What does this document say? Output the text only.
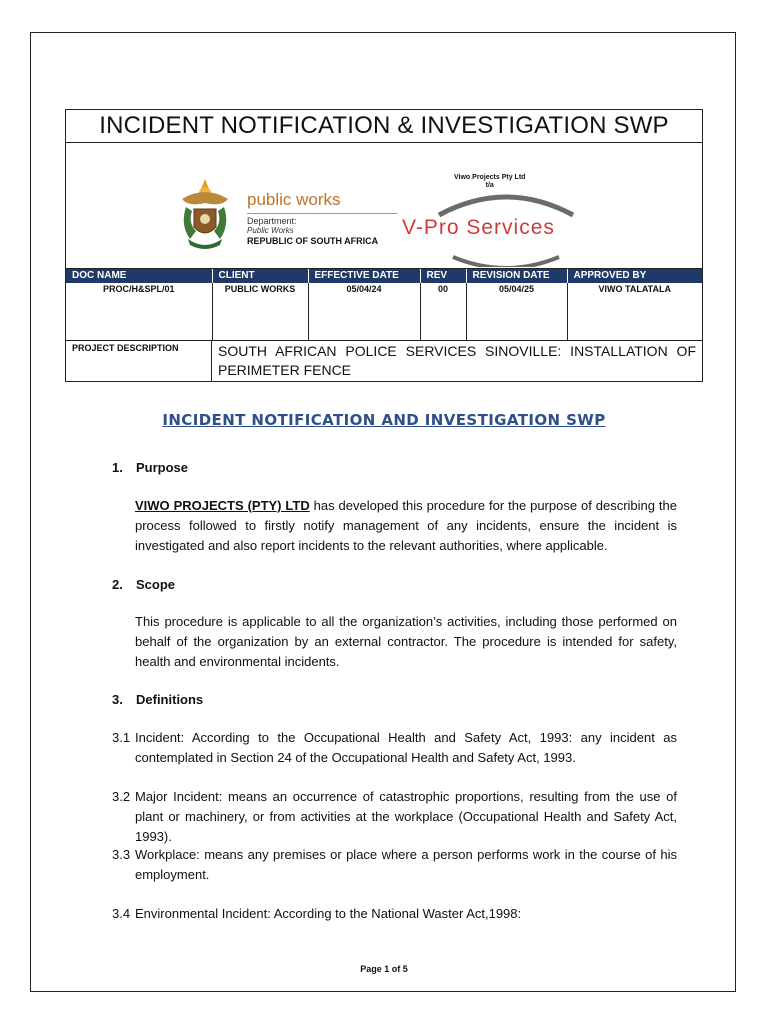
INCIDENT NOTIFICATION & INVESTIGATION SWP
public works
Department:
Public Works
REPUBLIC OF SOUTH AFRICA
Viwo Projects Pty Ltd
t/a
V-Pro Services
DOC NAME	CLIENT	EFFECTIVE DATE	REV	REVISION DATE	APPROVED BY
PROC/H&SPL/01	PUBLIC WORKS	05/04/24	00	05/04/25	VIWO TALATALA
PROJECT DESCRIPTION	SOUTH AFRICAN POLICE SERVICES SINOVILLE: INSTALLATION OF PERIMETER FENCE
INCIDENT NOTIFICATION AND INVESTIGATION SWP
1. Purpose
VIWO PROJECTS (PTY) LTD has developed this procedure for the purpose of describing the process followed to firstly notify management of any incidents, ensure the incident is investigated and also report incidents to the relevant authorities, where applicable.
2. Scope
This procedure is applicable to all the organization’s activities, including those performed on behalf of the organization by an external contractor. The procedure is intended for safety, health and environmental incidents.
3. Definitions
3.1 Incident: According to the Occupational Health and Safety Act, 1993: any incident as contemplated in Section 24 of the Occupational Health and Safety Act, 1993.
3.2 Major Incident: means an occurrence of catastrophic proportions, resulting from the use of plant or machinery, or from activities at the workplace (Occupational Health and Safety Act, 1993).
3.3 Workplace: means any premises or place where a person performs work in the course of his employment.
3.4 Environmental Incident: According to the National Waster Act,1998:
Page 1 of 5
